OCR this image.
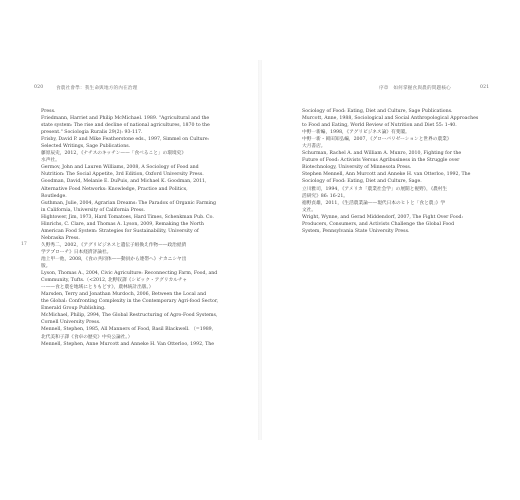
020	食農社會學：我生命與地方的內在治理	序章　如何掌握食與農的問題核心	021
17
Press.
Friedmann, Harriet and Philip McMichael. 1989. "Agricultural and the
state system: The rise and decline of national agricultures, 1870 to the
present." Sociologia Ruralis 29(2): 93-117.
Frisby, David P. and Mike Featherstone eds., 1997, Simmel on Culture:
Selected Writings, Sage Publications.
藤原辰史，2012，《ナチスのキッチン——「食べること」の環境史》
水声社。
Germov, John and Lauren Williams, 2008, A Sociology of Food and
Nutrition: The Social Appetite, 3rd Edition, Oxford University Press.
Goodman, David, Melanie E. DuPuis, and Michael K. Goodman, 2011,
Alternative Food Networks: Knowledge, Practice and Politics,
Routledge.
Guthman, Julie, 2004, Agrarian Dreams: The Paradox of Organic Farming
in California, University of California Press.
Hightower, Jim, 1973, Hard Tomatoes, Hard Times, Schenkman Pub. Co.
Hinrichs, C. Clare, and Thomas A. Lyson, 2009, Remaking the North
American Food System: Strategies for Sustainability, University of
Nebraska Press.
久野秀二，2002，《アグリビジネスと遺伝子組換え作物——政治経済
学アプローチ》日本経済評論社。
池上甲一他，2008，《食の共同体——動員から連帯へ》ナカニシヤ出
版。
Lyson, Thomas A., 2004, Civic Agriculture: Reconnecting Farm, Food, and
Community, Tufts.（<2012, 北野収譯《シビック・アグリカルチャ
ー——食と農を地域にとりもどす》，農林統計出版。）
Marsden, Terry and Jonathan Murdoch, 2006, Between the Local and
the Global: Confronting Complexity in the Contemporary Agri-food Sector,
Emerald Group Publishing.
McMichael, Philip, 2994, The Global Restructuring of Agro-Food Systems,
Cornell University Press.
Mennell, Stephen, 1985, All Manners of Food, Basil Blackwell. （=1989,
北代美和子譯《食卓の歴史》中央公論社。）
Mennell, Stephen, Anne Murcott and Anneke H. Van Otterloo, 1992, The
Sociology of Food: Eating, Diet and Culture, Sage Publications.
Murcott, Anne, 1988, Sociological and Social Anthropological Approaches
to Food and Eating, World Review of Nutrition and Diet 55: 1-40.
中野一新編，1998，《アグリビジネス論》有斐閣。
中野一新・岡田知弘編，2007，《グローバリゼーションと世界の農業》
大月書店。
Schurman, Rachel A. and William A. Munro, 2010, Fighting for the
Future of Food: Activists Versus Agribusiness in the Struggle over
Biotechnology, University of Minnesota Press.
Stephen Mennell, Ann Murcott and Anneke H. van Otterloo, 1992, The
Sociology of Food: Eating, Diet and Culture, Sage.
立川雅司，1994，《アメリカ「農業社会学」の展開と視野》，《農村生
活研究》86: 16-21。
徳野貞雄，2011，《生活農業論——現代日本のヒトと「食と農」》学
文社。
Wright, Wynne, and Gerad Middendorf, 2007, The Fight Over Food:
Producers, Consumers, and Activists Challenge the Global Food
System, Pennsylvania State University Press.
